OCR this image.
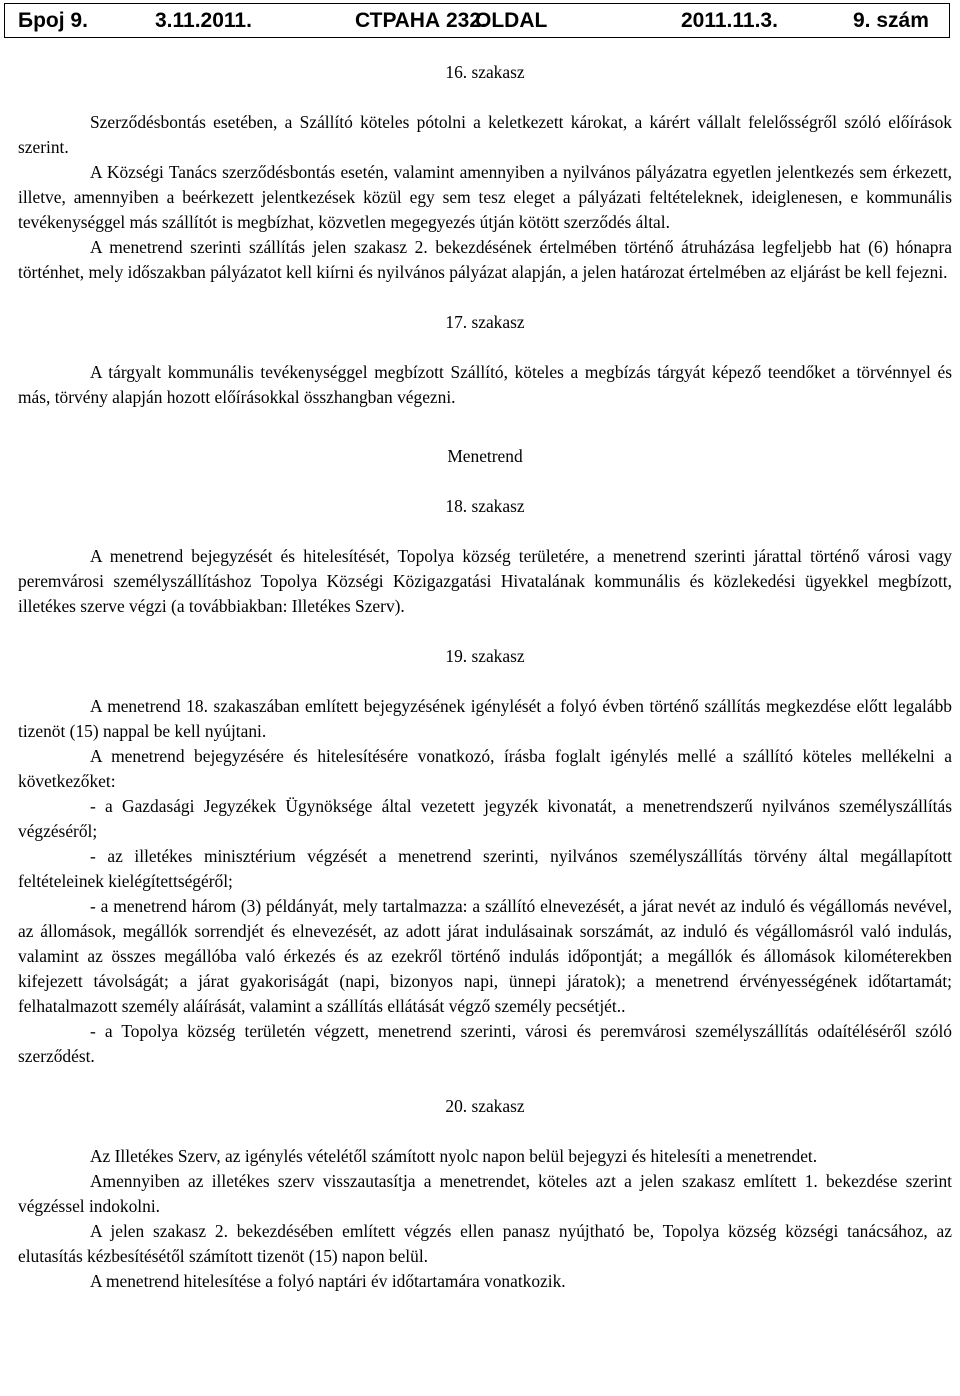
Број 9.	3.11.2011.	СТРАНА 232.
OLDAL	2011.11.3.	9. szám
16. szakasz

Szerződésbontás esetében, a Szállító köteles pótolni a keletkezett károkat, a kárért vállalt felelősségről szóló előírások szerint.

A Községi Tanács szerződésbontás esetén, valamint amennyiben a nyilvános pályázatra egyetlen jelentkezés sem érkezett, illetve, amennyiben a beérkezett jelentkezések közül egy sem tesz eleget a pályázati feltételeknek, ideiglenesen, e kommunális tevékenységgel más szállítót is megbízhat, közvetlen megegyezés útján kötött szerződés által.

A menetrend szerinti szállítás jelen szakasz 2. bekezdésének értelmében történő átruházása legfeljebb hat (6) hónapra történhet, mely időszakban pályázatot kell kiírni és nyilvános pályázat alapján, a jelen határozat értelmében az eljárást be kell fejezni.

17. szakasz

A tárgyalt kommunális tevékenységgel megbízott Szállító, köteles a megbízás tárgyát képező teendőket a törvénnyel és más, törvény alapján hozott előírásokkal összhangban végezni.

Menetrend
18. szakasz

A menetrend bejegyzését és hitelesítését, Topolya község területére, a menetrend szerinti járattal történő városi vagy peremvárosi személyszállításhoz Topolya Községi Közigazgatási Hivatalának kommunális és közlekedési ügyekkel megbízott, illetékes szerve végzi (a továbbiakban: Illetékes Szerv).

19. szakasz

A menetrend 18. szakaszában említett bejegyzésének igénylését a folyó évben történő szállítás megkezdése előtt legalább tizenöt (15) nappal be kell nyújtani.

A menetrend bejegyzésére és hitelesítésére vonatkozó, írásba foglalt igénylés mellé a szállító köteles mellékelni a következőket:

- a Gazdasági Jegyzékek Ügynöksége által vezetett jegyzék kivonatát, a menetrendszerű nyilvános személyszállítás végzéséről;

- az illetékes minisztérium végzését a menetrend szerinti, nyilvános személyszállítás törvény által megállapított feltételeinek kielégítettségéről;

- a menetrend három (3) példányát, mely tartalmazza: a szállító elnevezését, a járat nevét az induló és végállomás nevével, az állomások, megállók sorrendjét és elnevezését, az adott járat indulásainak sorszámát, az induló és végállomásról való indulás, valamint az összes megállóba való érkezés és az ezekről történő indulás időpontját; a megállók és állomások kilométerekben kifejezett távolságát; a járat gyakoriságát (napi, bizonyos napi, ünnepi járatok); a menetrend érvényességének időtartamát; felhatalmazott személy aláírását, valamint a szállítás ellátását végző személy pecsétjét..

- a Topolya község területén végzett, menetrend szerinti, városi és peremvárosi személyszállítás odaítéléséről szóló szerződést.

20. szakasz

Az Illetékes Szerv, az igénylés vételétől számított nyolc napon belül bejegyzi és hitelesíti a menetrendet.

Amennyiben az illetékes szerv visszautasítja a menetrendet, köteles azt a jelen szakasz említett 1. bekezdése szerint végzéssel indokolni.

A jelen szakasz 2. bekezdésében említett végzés ellen panasz nyújtható be, Topolya község községi tanácsához, az elutasítás kézbesítésétől számított tizenöt (15) napon belül.

A menetrend hitelesítése a folyó naptári év időtartamára vonatkozik.
